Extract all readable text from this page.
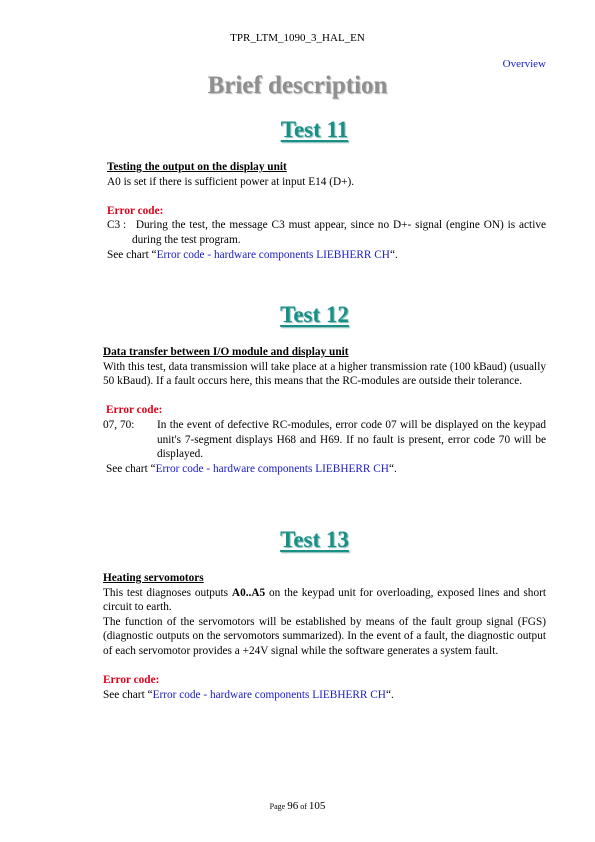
TPR_LTM_1090_3_HAL_EN
Overview
Brief description
Test 11
Testing the output on the display unit
A0 is set if there is sufficient power at input E14 (D+).
Error code:
C3 : During the test, the message C3 must appear, since no D+- signal (engine ON) is active during the test program.
See chart “Error code - hardware components LIEBHERR CH“.
Test 12
Data transfer between I/O module and display unit
With this test, data transmission will take place at a higher transmission rate (100 kBaud) (usually 50 kBaud). If a fault occurs here, this means that the RC-modules are outside their tolerance.
Error code:
07, 70:	In the event of defective RC-modules, error code 07 will be displayed on the keypad unit's 7-segment displays H68 and H69. If no fault is present, error code 70 will be displayed.
See chart “Error code - hardware components LIEBHERR CH“.
Test 13
Heating servomotors
This test diagnoses outputs A0..A5 on the keypad unit for overloading, exposed lines and short circuit to earth.
The function of the servomotors will be established by means of the fault group signal (FGS) (diagnostic outputs on the servomotors summarized). In the event of a fault, the diagnostic output of each servomotor provides a +24V signal while the software generates a system fault.
Error code:
See chart “Error code - hardware components LIEBHERR CH“.
Page 96 of 105
